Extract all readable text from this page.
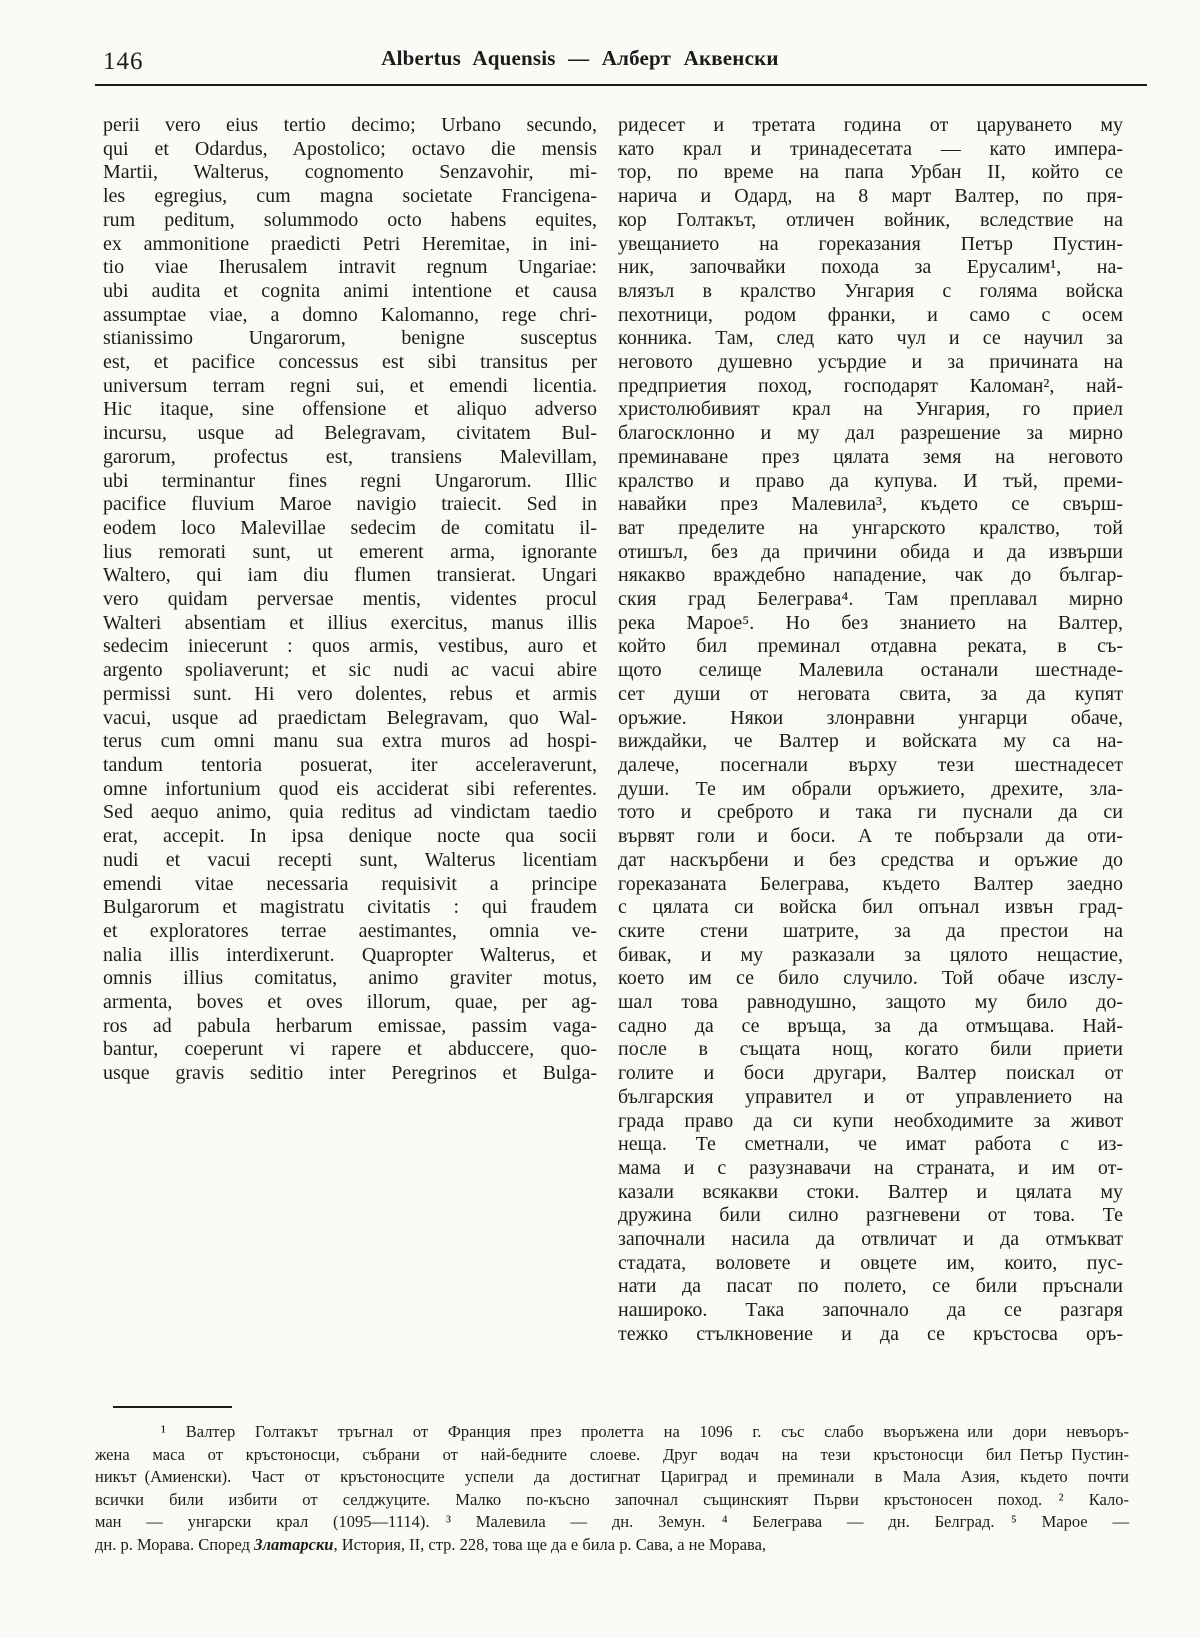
146	Albertus Aquensis — Алберт Аквенски
perii vero eius tertio decimo; Urbano secundo,
qui et Odardus, Apostolico; octavo die mensis
Martii, Walterus, cognomento Senzavohir, mi-
les egregius, cum magna societate Francigena-
rum peditum, solummodo octo habens equites,
ex ammonitione praedicti Petri Heremitae, in ini-
tio viae Iherusalem intravit regnum Ungariae:
ubi audita et cognita animi intentione et causa
assumptae viae, a domno Kalomanno, rege chri-
stianissimo Ungarorum, benigne susceptus
est, et pacifice concessus est sibi transitus per
universum terram regni sui, et emendi licentia.
Hic itaque, sine offensione et aliquo adverso
incursu, usque ad Belegravam, civitatem Bul-
garorum, profectus est, transiens Malevillam,
ubi terminantur fines regni Ungarorum. Illic
pacifice fluvium Maroe navigio traiecit. Sed in
eodem loco Malevillae sedecim de comitatu il-
lius remorati sunt, ut emerent arma, ignorante
Waltero, qui iam diu flumen transierat. Ungari
vero quidam perversae mentis, videntes procul
Walteri absentiam et illius exercitus, manus illis
sedecim iniecerunt : quos armis, vestibus, auro et
argento spoliaverunt; et sic nudi ac vacui abire
permissi sunt. Hi vero dolentes, rebus et armis
vacui, usque ad praedictam Belegravam, quo Wal-
terus cum omni manu sua extra muros ad hospi-
tandum tentoria posuerat, iter acceleraverunt,
omne infortunium quod eis acciderat sibi referentes.
Sed aequo animo, quia reditus ad vindictam taedio
erat, accepit. In ipsa denique nocte qua socii
nudi et vacui recepti sunt, Walterus licentiam
emendi vitae necessaria requisivit a principe
Bulgarorum et magistratu civitatis : qui fraudem
et exploratores terrae aestimantes, omnia ve-
nalia illis interdixerunt. Quapropter Walterus, et
omnis illius comitatus, animo graviter motus,
armenta, boves et oves illorum, quae, per ag-
ros ad pabula herbarum emissae, passim vaga-
bantur, coeperunt vi rapere et abduccere, quo-
usque gravis seditio inter Peregrinos et Bulga-
ридесет и третата година от царуването му
като крал и тринадесетата — като импера-
тор, по време на папа Урбан II, който се
нарича и Одард, на 8 март Валтер, по пря-
кор Голтакът, отличен войник, вследствие на
увещанието на гореказания Петър Пустин-
ник, започвайки похода за Ерусалим¹, на-
влязъл в кралство Унгария с голяма войска
пехотници, родом франки, и само с осем
конника. Там, след като чул и се научил за
неговото душевно усърдие и за причината на
предприетия поход, господарят Каломан², най-
христолюбивият крал на Унгария, го приел
благосклонно и му дал разрешение за мирно
преминаване през цялата земя на неговото
кралство и право да купува. И тъй, преми-
навайки през Малевила³, където се свърш-
ват пределите на унгарското кралство, той
отишъл, без да причини обида и да извърши
някакво враждебно нападение, чак до българ-
ския град Белеграва⁴. Там преплавал мирно
река Марое⁵. Но без знанието на Валтер,
който бил преминал отдавна реката, в съ-
щото селище Малевила останали шестнаде-
сет души от неговата свита, за да купят
оръжие. Някои злонравни унгарци обаче,
виждайки, че Валтер и войската му са на-
далече, посегнали върху тези шестнадесет
души. Те им обрали оръжието, дрехите, зла-
тото и среброто и така ги пуснали да си
вървят голи и боси. А те побързали да оти-
дат наскърбени и без средства и оръжие до
гореказаната Белеграва, където Валтер заедно
с цялата си войска бил опънал извън град-
ските стени шатрите, за да престои на
бивак, и му разказали за цялото нещастие,
което им се било случило. Той обаче изслу-
шал това равнодушно, защото му било до-
садно да се връща, за да отмъщава. Най-
после в същата нощ, когато били приети
голите и боси другари, Валтер поискал от
българския управител и от управлението на
града право да си купи необходимите за живот
неща. Те сметнали, че имат работа с из-
мама и с разузнавачи на страната, и им от-
казали всякакви стоки. Валтер и цялата му
дружина били силно разгневени от това. Те
започнали насила да отвличат и да отмъкват
стадата, воловете и овцете им, които, пус-
нати да пасат по полето, се били пръснали
нашироко. Така започнало да се разгаря
тежко стълкновение и да се кръстосва оръ-
¹ Валтер Голтакът тръгнал от Франция през пролетта на 1096 г. със слабо въоръжена или дори невъоръ-
жена маса от кръстоносци, събрани от най-бедните слоеве. Друг водач на тези кръстоносци бил Петър Пустин-
никът (Амиенски). Част от кръстоносците успели да достигнат Цариград и преминали в Мала Азия, където почти
всички били избити от селджуците. Малко по-късно започнал същинският Първи кръстоносен поход. ² Кало-
ман — унгарски крал (1095—1114). ³ Малевила — дн. Земун. ⁴ Белеграва — дн. Белград. ⁵ Марое —
дн. р. Морава. Според Златарски, История, II, стр. 228, това ще да е била р. Сава, а не Морава,
